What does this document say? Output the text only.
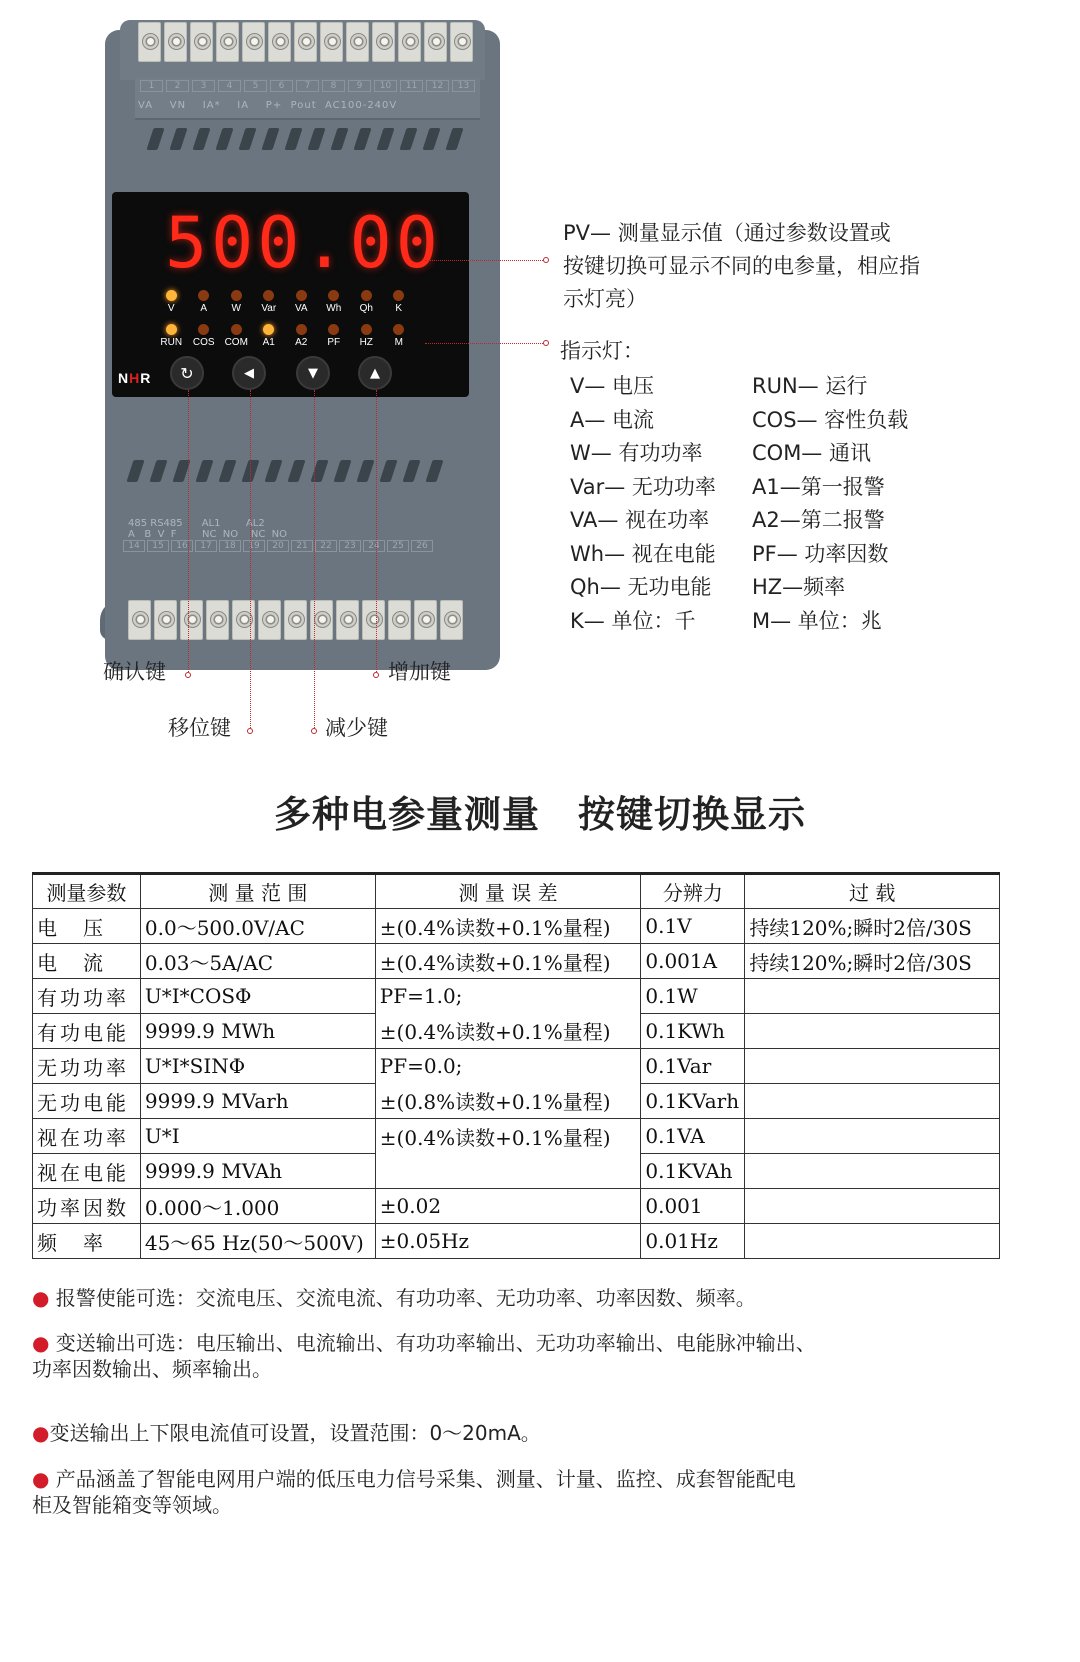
1	2	3	4	5	6	7	8	9	10	11	12	13
VA    VN    IA*    IA    P+  Pout  AC100-240V
500.00
V	A W Var VA Wh Qh K
RUN COS COM A1 A2 PF HZ M
NHR	↻	◀	▼	▲
485 RS485      AL1        AL2
A   B  V  F        NC  NO    NC  NO
14	15	16	17	18	19	20	21	22	23	24	25	26
PV— 测量显示值（通过参数设置或
按键切换可显示不同的电参量，相应指
示灯亮）
指示灯：
V— 电压	RUN— 运行
A— 电流	COS— 容性负载
W— 有功功率	COM— 通讯
Var— 无功功率	A1—第一报警
VA— 视在功率	A2—第二报警
Wh— 视在电能	PF— 功率因数
Qh— 无功电能	HZ—频率
K— 单位：千	M— 单位：兆
确认键	增加键
移位键	减少键
多种电参量测量　按键切换显示
测量参数	测 量 范 围	测 量 误 差	分辨力	过 载
电　压	0.0～500.0V/AC	±(0.4%读数+0.1%量程)	0.1V	持续120%;瞬时2倍/30S
电　流	0.03～5A/AC	±(0.4%读数+0.1%量程)	0.001A	持续120%;瞬时2倍/30S
有功功率	U*I*COSΦ	PF=1.0;	0.1W	
有功电能	9999.9 MWh	±(0.4%读数+0.1%量程)	0.1KWh	
无功功率	U*I*SINΦ	PF=0.0;	0.1Var	
无功电能	9999.9 MVarh	±(0.8%读数+0.1%量程)	0.1KVarh	
视在功率	U*I	±(0.4%读数+0.1%量程)	0.1VA	
视在电能	9999.9 MVAh		0.1KVAh	
功率因数	0.000～1.000	±0.02	0.001	
频　率	45～65 Hz(50～500V)	±0.05Hz	0.01Hz	
● 报警使能可选：交流电压、交流电流、有功功率、无功功率、功率因数、频率。
● 变送输出可选：电压输出、电流输出、有功功率输出、无功功率输出、电能脉冲输出、
功率因数输出、频率输出。
●变送输出上下限电流值可设置，设置范围：0～20mA。
● 产品涵盖了智能电网用户端的低压电力信号采集、测量、计量、监控、成套智能配电
柜及智能箱变等领域。
